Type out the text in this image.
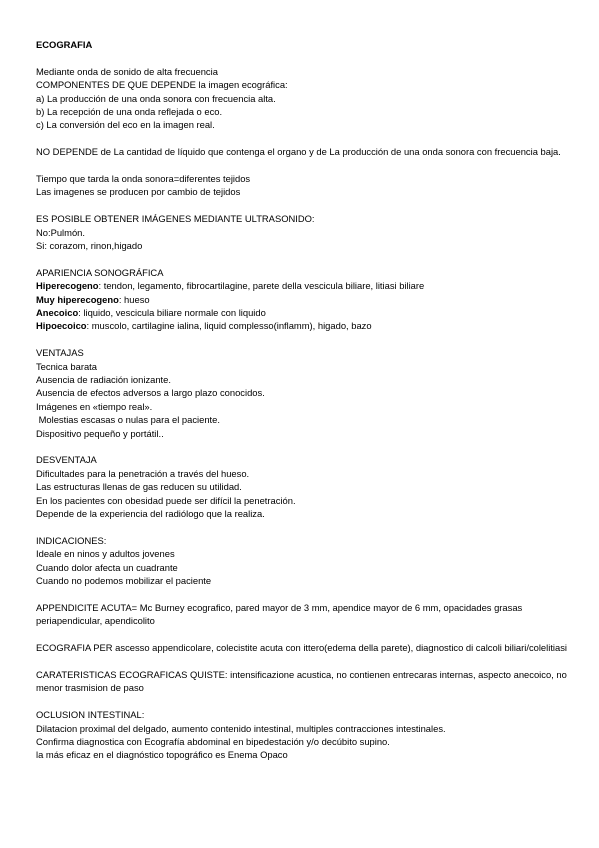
ECOGRAFIA

Mediante onda de sonido de alta frecuencia

COMPONENTES DE QUE DEPENDE la imagen ecográfica:

a) La producción de una onda sonora con frecuencia alta.

b) La recepción de una onda reflejada o eco.

c) La conversión del eco en la imagen real.

NO DEPENDE de La cantidad de líquido que contenga el organo y de La producción de una onda sonora con frecuencia baja.

Tiempo que tarda la onda sonora=diferentes tejidos

Las imagenes se producen por cambio de tejidos

ES POSIBLE OBTENER IMÁGENES MEDIANTE ULTRASONIDO:

No:Pulmón.

Si: corazom, rinon,higado

APARIENCIA SONOGRÁFICA

Hiperecogeno: tendon, legamento, fibrocartilagine, parete della vescicula biliare, litiasi biliare

Muy hiperecogeno: hueso

Anecoico: liquido, vescicula biliare normale con liquido

Hipoecoico: muscolo, cartilagine ialina, liquid complesso(inflamm), higado, bazo

VENTAJAS

Tecnica barata

Ausencia de radiación ionizante.

Ausencia de efectos adversos a largo plazo conocidos.

Imágenes en «tiempo real».

Molestias escasas o nulas para el paciente.

Dispositivo pequeño y portátil..

DESVENTAJA

Dificultades para la penetración a través del hueso.

Las estructuras llenas de gas reducen su utilidad.

En los pacientes con obesidad puede ser difícil la penetración.

Depende de la experiencia del radiólogo que la realiza.

INDICACIONES:

Ideale en ninos y adultos jovenes

Cuando dolor afecta un cuadrante

Cuando no podemos mobilizar el paciente

APPENDICITE ACUTA= Mc Burney ecografico, pared mayor de 3 mm, apendice mayor de 6 mm, opacidades grasas periapendicular, apendicolito

ECOGRAFIA PER ascesso appendicolare, colecistite acuta con ittero(edema della parete), diagnostico di calcoli biliari/colelitiasi

CARATERISTICAS ECOGRAFICAS QUISTE: intensificazione acustica, no contienen entrecaras internas, aspecto anecoico, no menor trasmision de paso

OCLUSION INTESTINAL:

Dilatacion proximal del delgado, aumento contenido intestinal, multiples contracciones intestinales.

Confirma diagnostica con Ecografía abdominal en bipedestación y/o decúbito supino.

la más eficaz en el diagnóstico topográfico es Enema Opaco
